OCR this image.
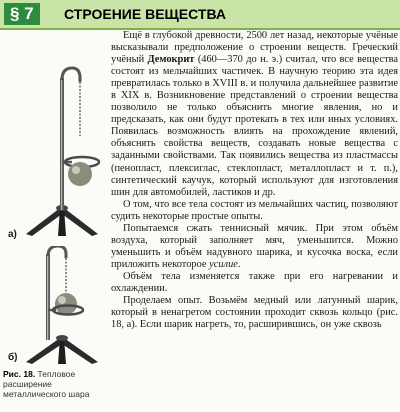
§ 7	СТРОЕНИЕ ВЕЩЕСТВА
а)
б)
Рис. 18. Тепловое расширение металлического шара

Ещё в глубокой древности, 2500 лет назад, некоторые учёные высказывали предположение о строении веществ. Греческий учёный Демокрит (460—370 до н. э.) считал, что все вещества состоят из мельчайших частичек. В научную теорию эта идея превратилась только в XVIII в. и получила дальнейшее развитие в XIX в. Возникновение представлений о строении вещества позволило не только объяснить многие явления, но и предсказать, как они будут протекать в тех или иных условиях. Появилась возможность влиять на прохождение явлений, объяснять свойства веществ, создавать новые вещества с заданными свойствами. Так появились вещества из пластмассы (пенопласт, плексиглас, стеклопласт, металлопласт и т. п.), синтетический каучук, который используют для изготовления шин для автомобилей, ластиков и др.

О том, что все тела состоят из мельчайших частиц, позволяют судить некоторые простые опыты.

Попытаемся сжать теннисный мячик. При этом объём воздуха, который заполняет мяч, уменьшится. Можно уменьшить и объём надувного шарика, и кусочка воска, если приложить некоторое усилие.

Объём тела изменяется также при его нагревании и охлаждении.

Проделаем опыт. Возьмём медный или латунный шарик, который в ненагретом состоянии проходит сквозь кольцо (рис. 18, а). Если шарик нагреть, то, расширившись, он уже сквозь
